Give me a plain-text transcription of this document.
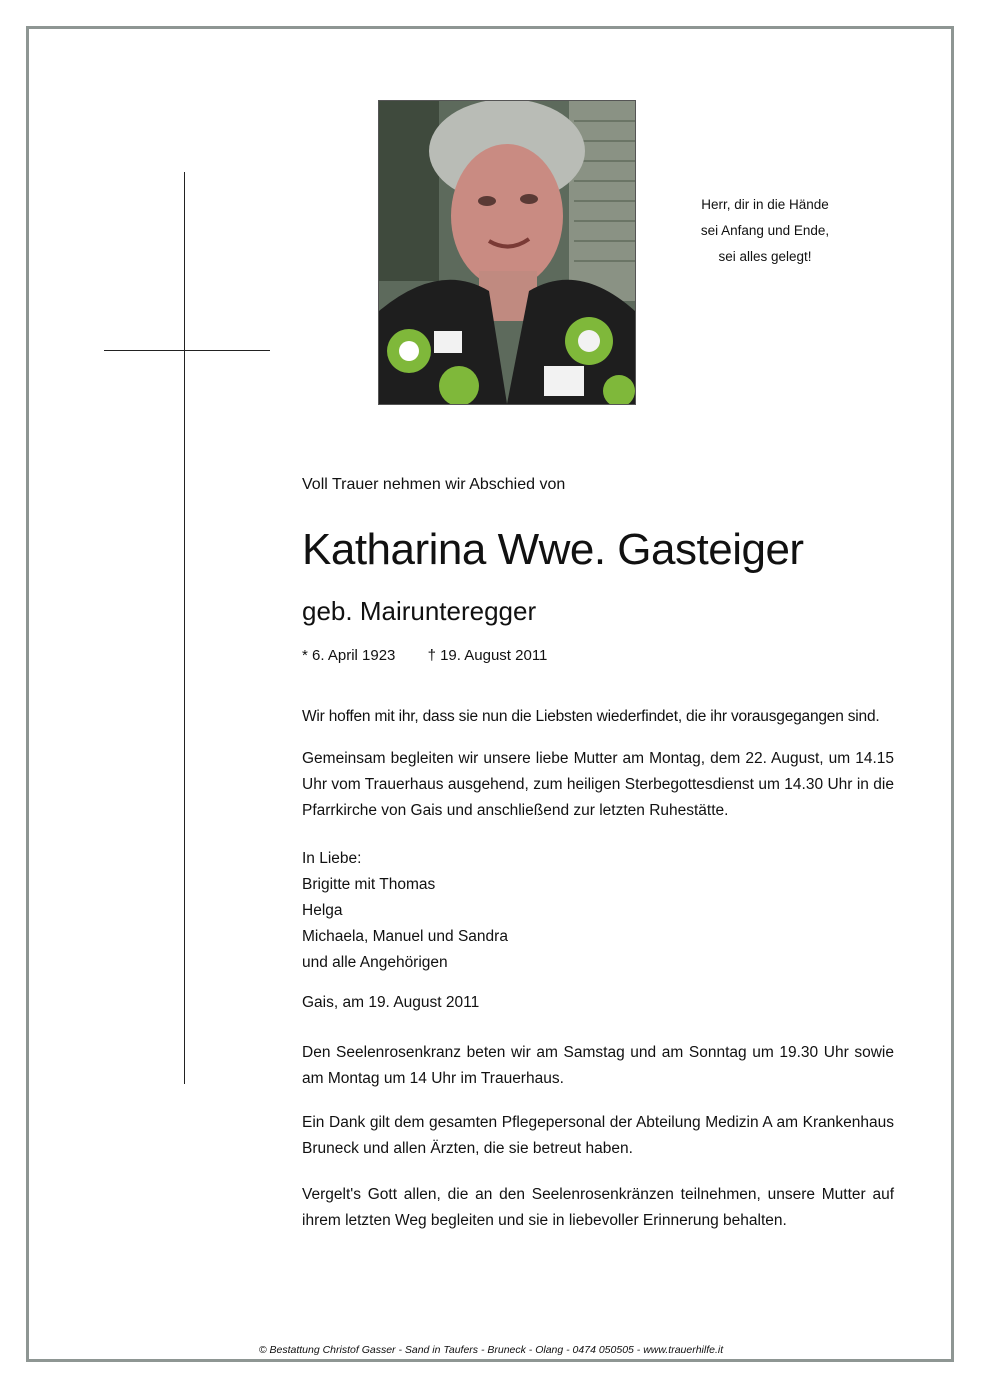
Herr, dir in die Hände
sei Anfang und Ende,
sei alles gelegt!
Voll Trauer nehmen wir Abschied von
Katharina Wwe. Gasteiger
geb. Mairunteregger
* 6. April 1923 † 19. August 2011
Wir hoffen mit ihr, dass sie nun die Liebsten wiederfindet, die ihr vorausgegangen sind.
Gemeinsam begleiten wir unsere liebe Mutter am Montag, dem 22. August, um 14.15 Uhr vom Trauerhaus ausgehend, zum heiligen Sterbegottesdienst um 14.30 Uhr in die Pfarrkirche von Gais und anschließend zur letzten Ruhestätte.
In Liebe:
Brigitte mit Thomas
Helga
Michaela, Manuel und Sandra
und alle Angehörigen
Gais, am 19. August 2011
Den Seelenrosenkranz beten wir am Samstag und am Sonntag um 19.30 Uhr sowie am Montag um 14 Uhr im Trauerhaus.
Ein Dank gilt dem gesamten Pflegepersonal der Abteilung Medizin A am Krankenhaus Bruneck und allen Ärzten, die sie betreut haben.
Vergelt's Gott allen, die an den Seelenrosenkränzen teilnehmen, unsere Mutter auf ihrem letzten Weg begleiten und sie in liebevoller Erinnerung behalten.
© Bestattung Christof Gasser - Sand in Taufers - Bruneck - Olang - 0474 050505 - www.trauerhilfe.it
